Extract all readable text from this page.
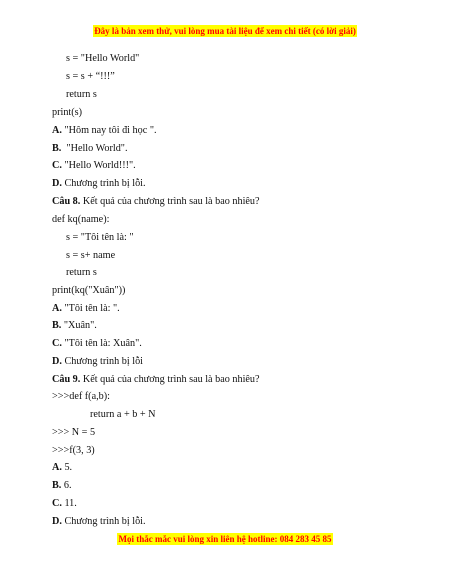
Đây là bản xem thử, vui lòng mua tài liệu để xem chi tiết (có lời giải)
s = "Hello World"
s = s + “!!!”
return s
print(s)
A. "Hôm nay tôi đi học ".
B.  "Hello World".
C. "Hello World!!!".
D. Chương trình bị lỗi.
Câu 8. Kết quả của chương trình sau là bao nhiêu?
def kq(name):
s = "Tôi tên là: "
s = s+ name
return s
print(kq("Xuân"))
A. "Tôi tên là: ".
B. "Xuân".
C. "Tôi tên là: Xuân".
D. Chương trình bị lỗi
Câu 9. Kết quả của chương trình sau là bao nhiêu?
>>>def f(a,b):
return a + b + N
>>> N = 5
>>>f(3, 3)
A. 5.
B. 6.
C. 11.
D. Chương trình bị lỗi.
Mọi thắc mắc vui lòng xin liên hệ hotline: 084 283 45 85
